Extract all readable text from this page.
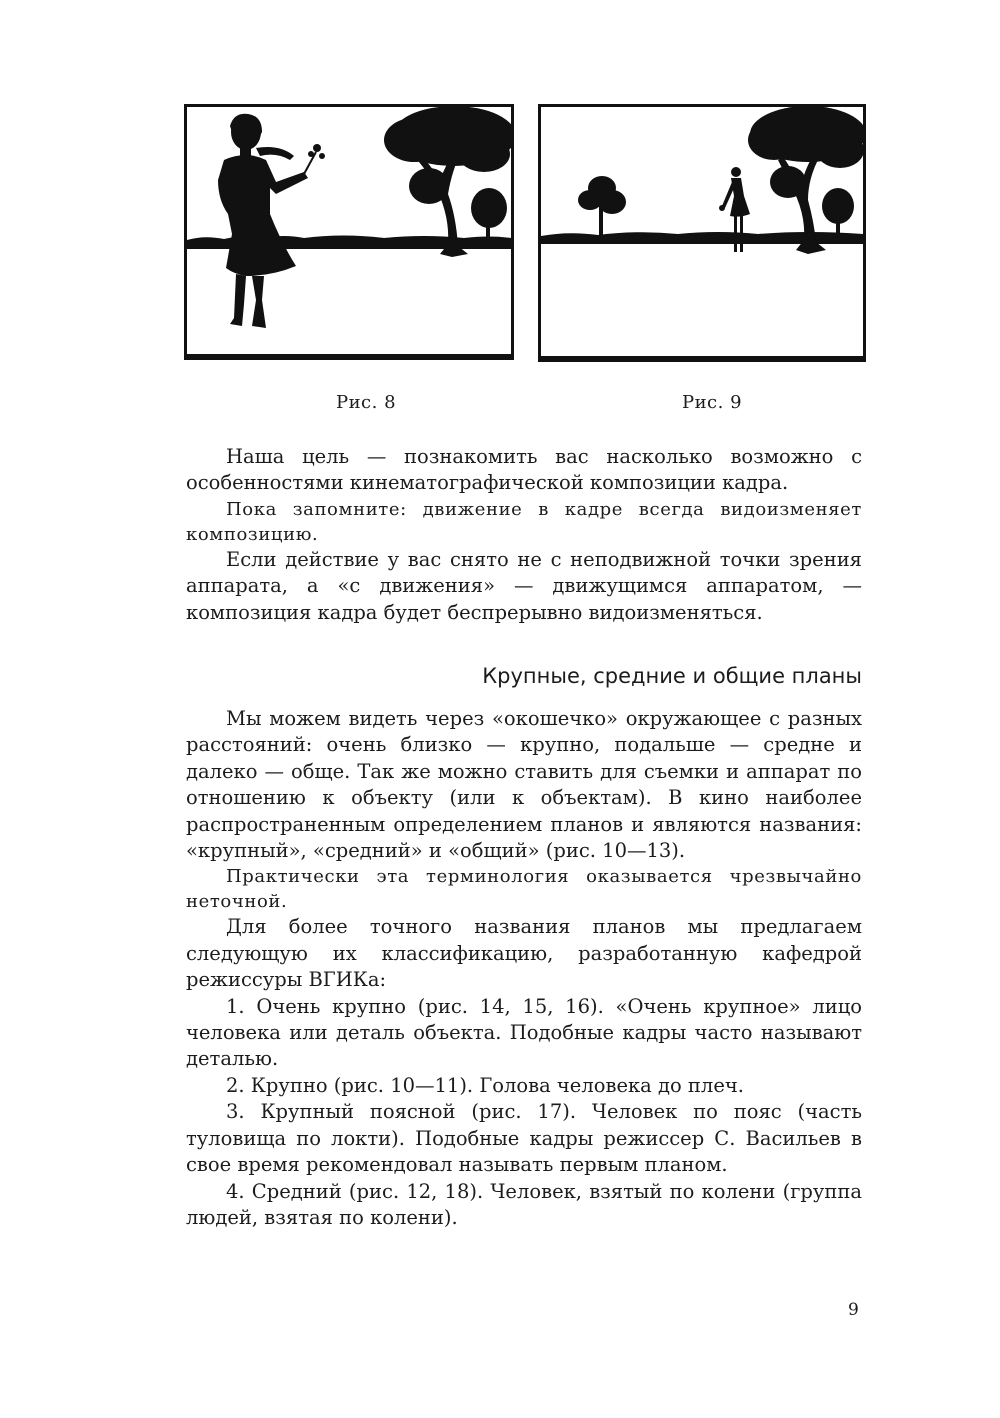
Рис. 8	Рис. 9

Наша цель — познакомить вас насколько возможно с особенностями кинематографической композиции кадра.

Пока запомните: движение в кадре всегда видоизменяет композицию.

Если действие у вас снято не с неподвижной точки зрения аппарата, а «с движения» — движущимся аппаратом, — композиция кадра будет беспрерывно видоизменяться.

Крупные, средние и общие планы

Мы можем видеть через «окошечко» окружающее с разных расстояний: очень близко — крупно, подальше — средне и далеко — обще. Так же можно ставить для съемки и аппарат по отношению к объекту (или к объектам). В кино наиболее распространенным определением планов и являются названия: «крупный», «средний» и «общий» (рис. 10—13).

Практически эта терминология оказывается чрезвычайно неточной.

Для более точного названия планов мы предлагаем следующую их классификацию, разработанную кафедрой режиссуры ВГИКа:

1. Очень крупно (рис. 14, 15, 16). «Очень крупное» лицо человека или деталь объекта. Подобные кадры часто называют деталью.

2. Крупно (рис. 10—11). Голова человека до плеч.

3. Крупный поясной (рис. 17). Человек по пояс (часть туловища по локти). Подобные кадры режиссер С. Васильев в свое время рекомендовал называть первым планом.

4. Средний (рис. 12, 18). Человек, взятый по колени (группа людей, взятая по колени).

9
